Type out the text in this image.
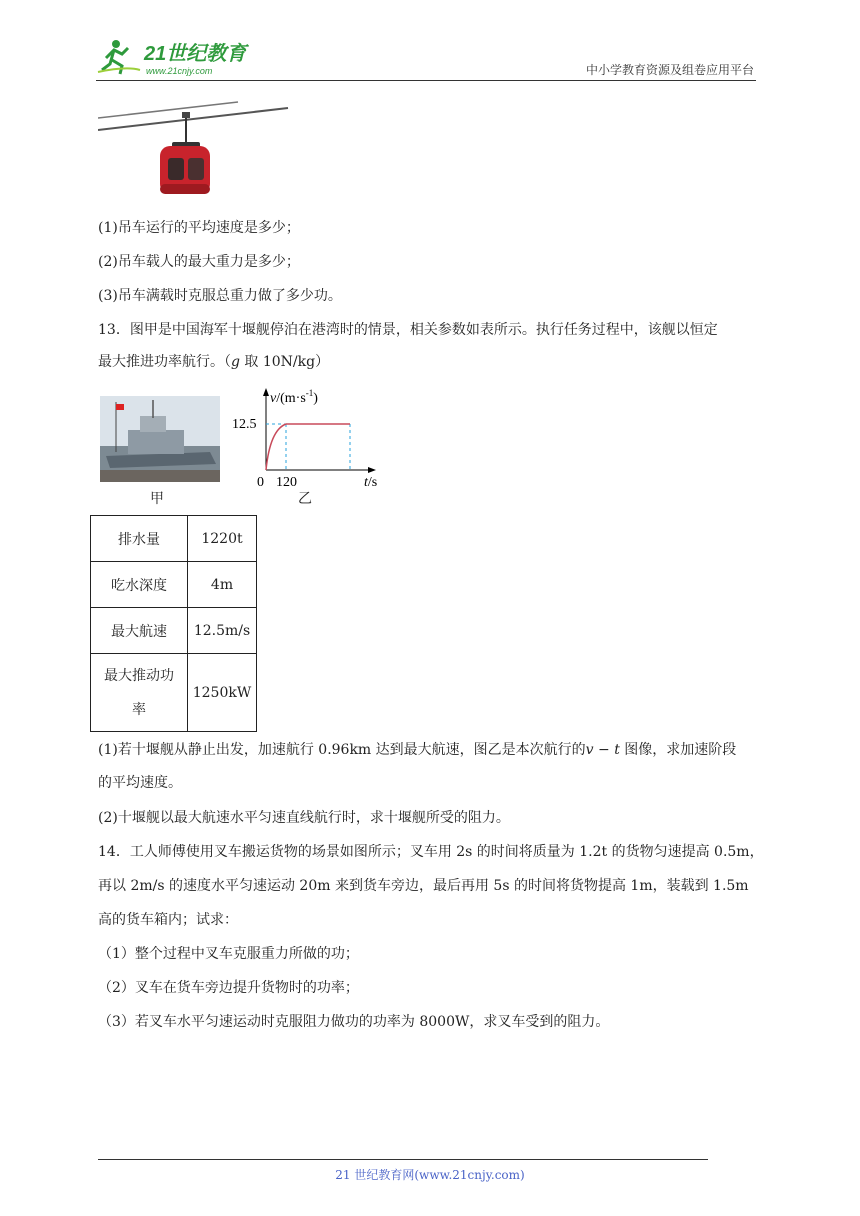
21世纪教育
www.21cnjy.com	中小学教育资源及组卷应用平台
(1)吊车运行的平均速度是多少；
(2)吊车载人的最大重力是多少；
(3)吊车满载时克服总重力做了多少功。
13．图甲是中国海军十堰舰停泊在港湾时的情景，相关参数如表所示。执行任务过程中，该舰以恒定
最大推进功率航行。（g 取 10N/kg）
甲
$v/(m\cdot s^{-1})$
12.5
0 120	t/s
乙
排水量	1220t
吃水深度	4m
最大航速	12.5m/s

最大推动功
率	1250kW
(1)若十堰舰从静止出发，加速航行 0.96km 达到最大航速，图乙是本次航行的v − t 图像，求加速阶段
的平均速度。
(2)十堰舰以最大航速水平匀速直线航行时，求十堰舰所受的阻力。
14．工人师傅使用叉车搬运货物的场景如图所示；叉车用 2s 的时间将质量为 1.2t 的货物匀速提高 0.5m，
再以 2m/s 的速度水平匀速运动 20m 来到货车旁边，最后再用 5s 的时间将货物提高 1m，装载到 1.5m
高的货车箱内；试求：
（1）整个过程中叉车克服重力所做的功；
（2）叉车在货车旁边提升货物时的功率；
（3）若叉车水平匀速运动时克服阻力做功的功率为 8000W，求叉车受到的阻力。
21 世纪教育网(www.21cnjy.com)
